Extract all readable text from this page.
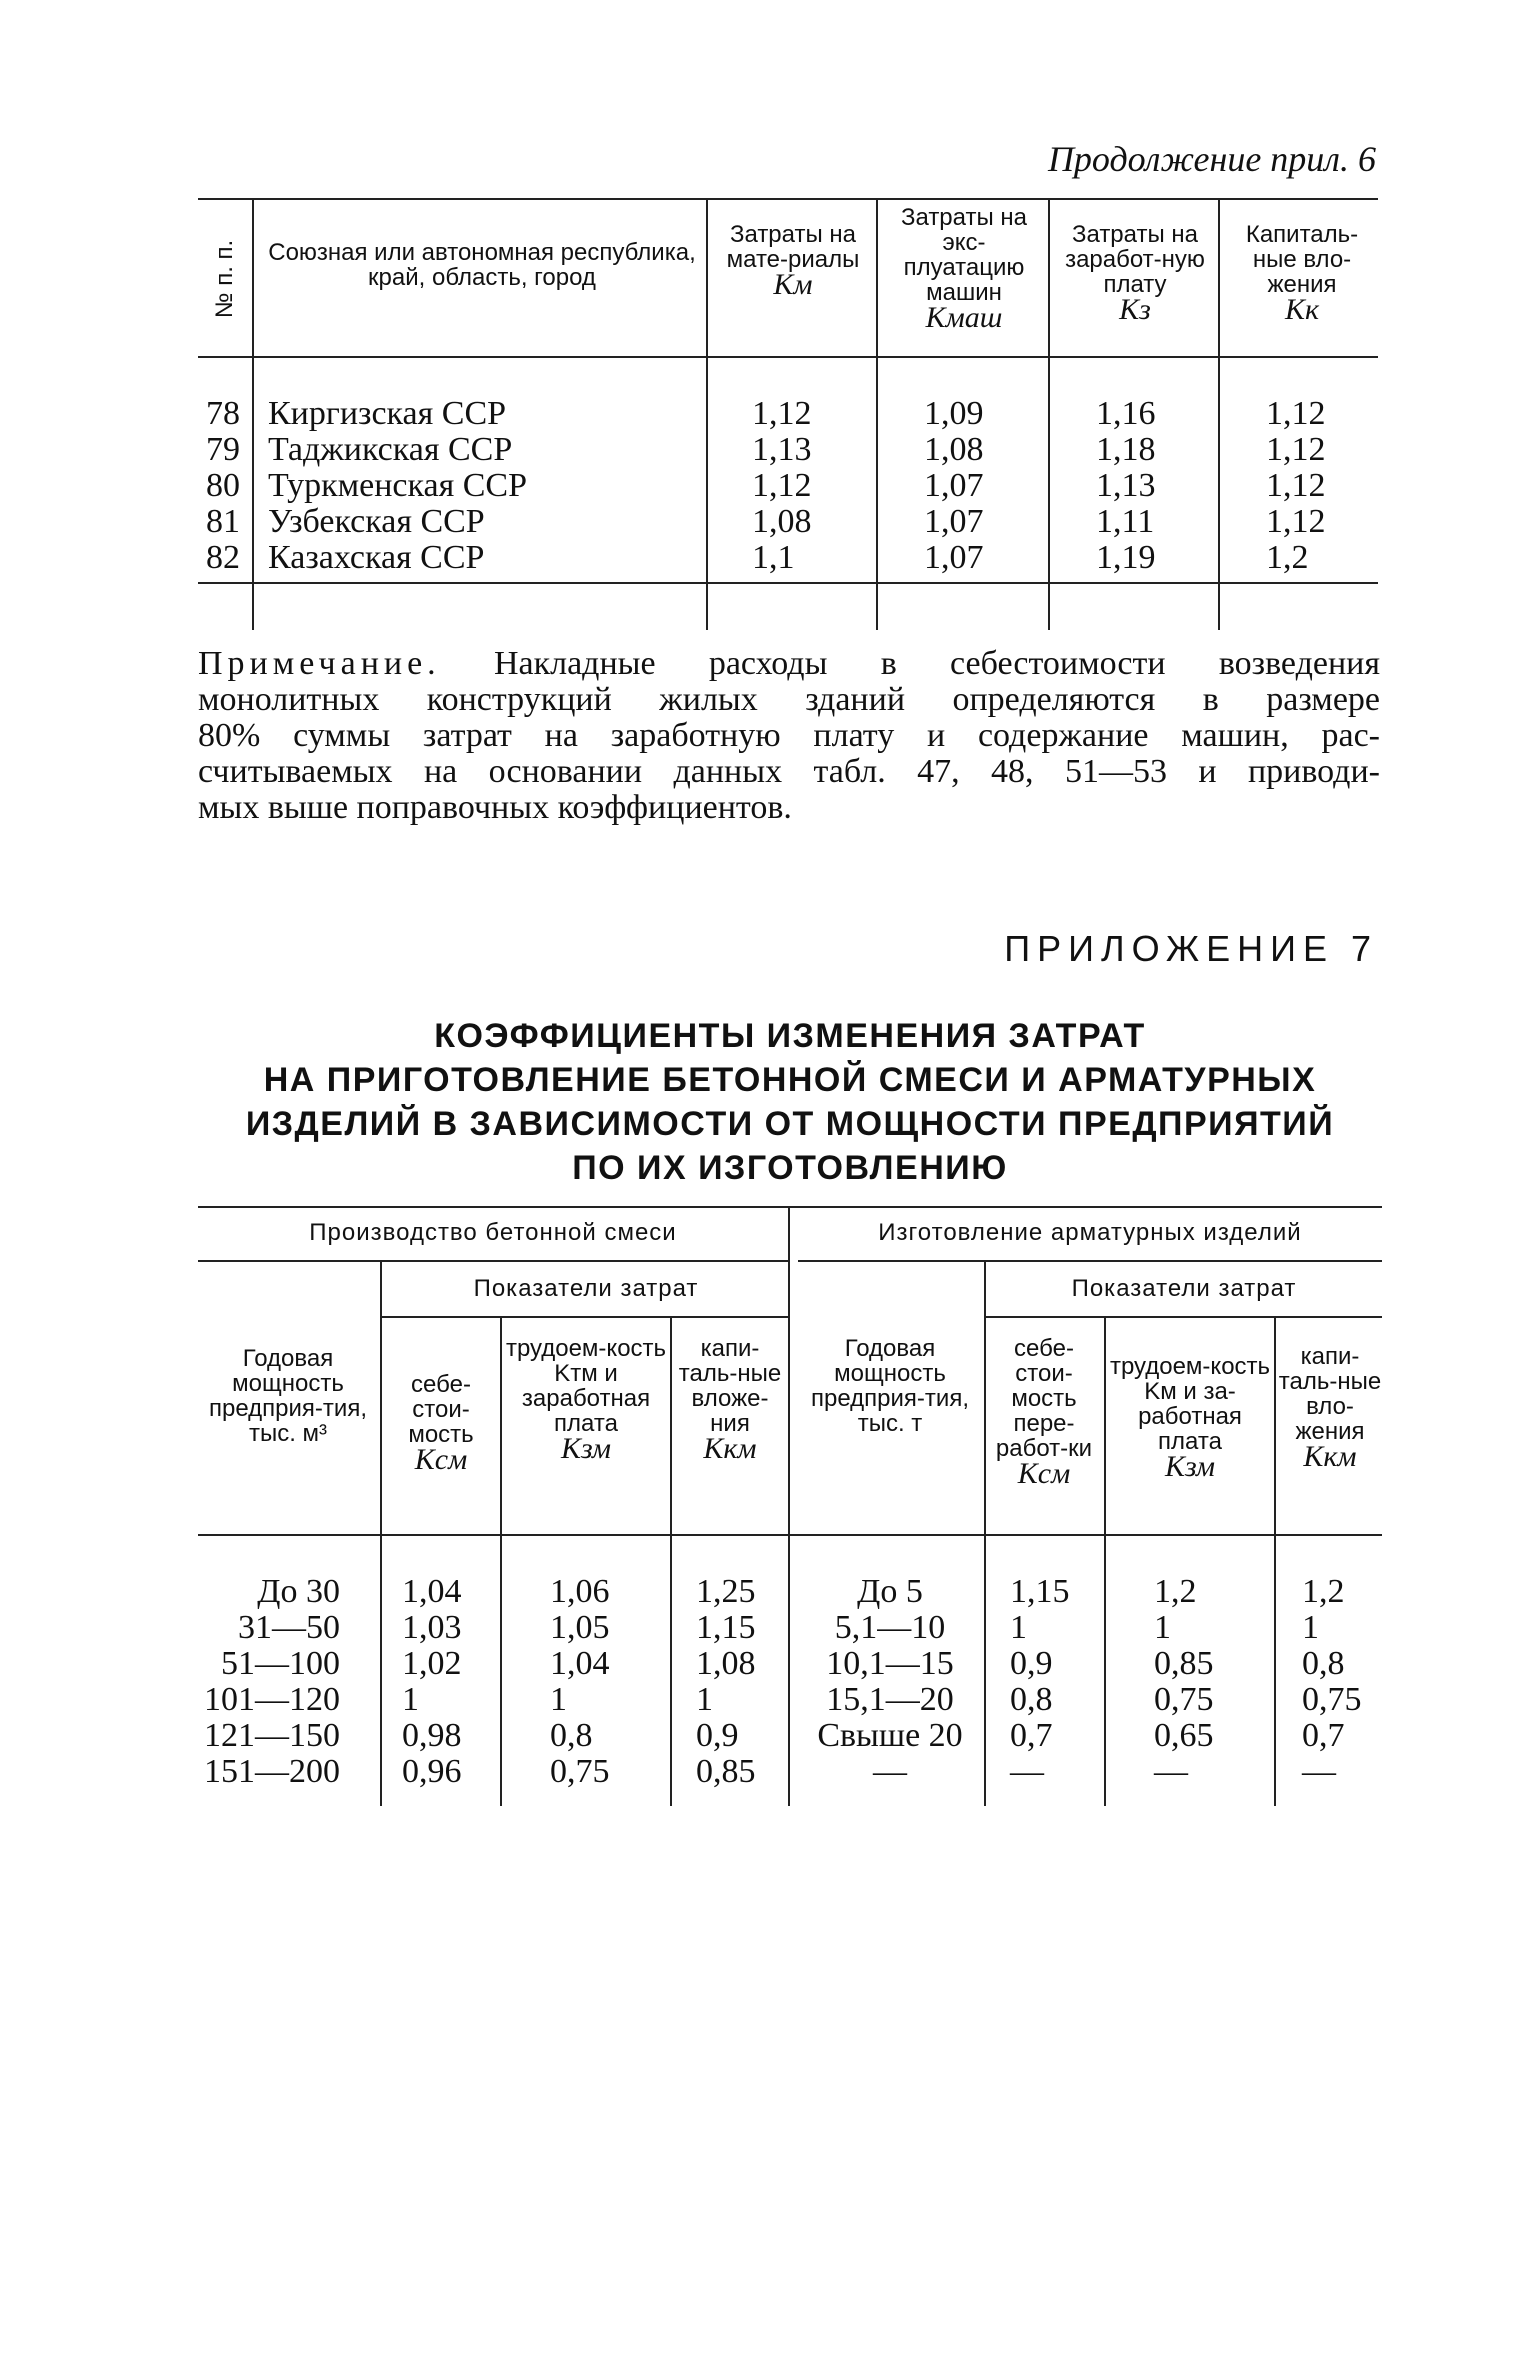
Продолжение прил. 6
№ п. п. Союзная или автономная республика, край, область, город
Затраты на мате-риалы
Kм
Затраты на экс-плуатацию машин
Kмаш
Затраты на заработ-ную плату
Kз
Капиталь-ные вло-жения
Kк
78
79
80
81
82
Киргизская ССР
Таджикская ССР
Туркменская ССР
Узбекская ССР
Казахская ССР
1,12
1,13
1,12
1,08
1,1
1,09
1,08
1,07
1,07
1,07
1,16
1,18
1,13
1,11
1,19
1,12
1,12
1,12
1,12
1,2
Примечание. Накладные расходы в себестоимости возведения
монолитных конструкций жилых зданий определяются в размере
80% суммы затрат на заработную плату и содержание машин, рас-
считываемых на основании данных табл. 47, 48, 51—53 и приводи-
мых выше поправочных коэффициентов.
ПРИЛОЖЕНИЕ 7
КОЭФФИЦИЕНТЫ ИЗМЕНЕНИЯ ЗАТРАТ
НА ПРИГОТОВЛЕНИЕ БЕТОННОЙ СМЕСИ И АРМАТУРНЫХ
ИЗДЕЛИЙ В ЗАВИСИМОСТИ ОТ МОЩНОСТИ ПРЕДПРИЯТИЙ
ПО ИХ ИЗГОТОВЛЕНИЮ
Производство бетонной смеси	Изготовление арматурных изделий
Показатели затрат	Показатели затрат
Годовая мощность предприя-тия, тыс. м³
себе-стои-мость
Kсм
трудоем-кость Kтм и заработная плата
Kзм
капи-таль-ные вложе-ния
Kкм
Годовая мощность предприя-тия, тыс. т
себе-стои-мость пере-работ-ки
Kсм
трудоем-кость Kм и за-работная плата
Kзм
капи-таль-ные вло-жения
Kкм
До 30
31—50
51—100
101—120
121—150
151—200
1,04
1,03
1,02
1
0,98
0,96
1,06
1,05
1,04
1
0,8
0,75
1,25
1,15
1,08
1
0,9
0,85
До 5
5,1—10
10,1—15
15,1—20
Свыше 20
—
1,15
1
0,9
0,8
0,7
—
1,2
1
0,85
0,75
0,65
—
1,2
1
0,8
0,75
0,7
—
